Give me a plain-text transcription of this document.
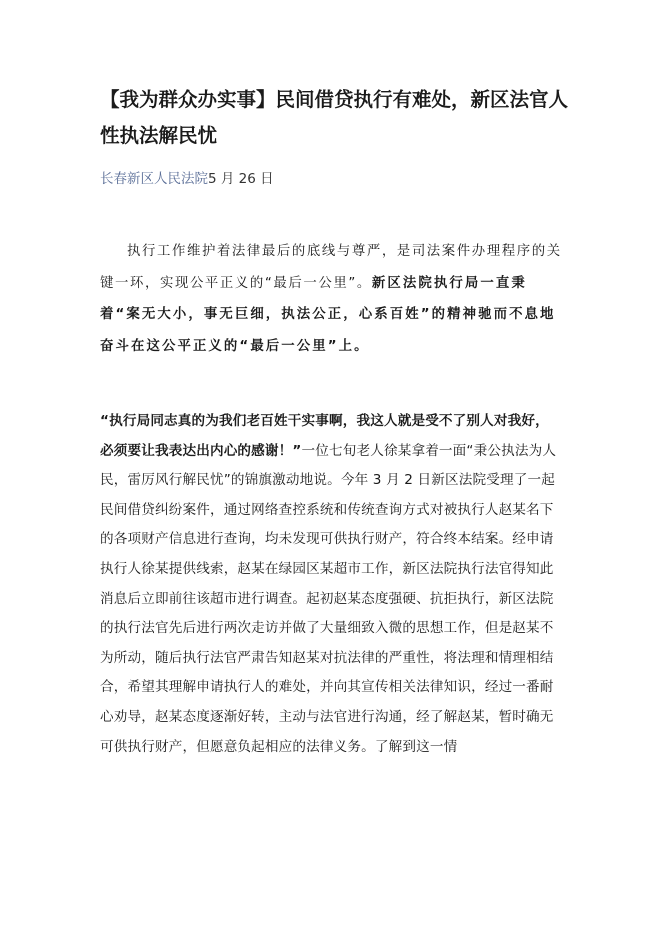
【我为群众办实事】民间借贷执行有难处，新区法官人性执法解民忧
长春新区人民法院5 月 26 日

执行工作维护着法律最后的底线与尊严，是司法案件办理程序的关键一环，实现公平正义的“最后一公里”。新区法院执行局一直秉着“案无大小，事无巨细，执法公正，心系百姓”的精神驰而不息地奋斗在这公平正义的“最后一公里”上。

“执行局同志真的为我们老百姓干实事啊，我这人就是受不了别人对我好，必须要让我表达出内心的感谢！”一位七旬老人徐某拿着一面“秉公执法为人民，雷厉风行解民忧”的锦旗激动地说。今年 3 月 2 日新区法院受理了一起民间借贷纠纷案件，通过网络查控系统和传统查询方式对被执行人赵某名下的各项财产信息进行查询，均未发现可供执行财产，符合终本结案。经申请执行人徐某提供线索，赵某在绿园区某超市工作，新区法院执行法官得知此消息后立即前往该超市进行调查。起初赵某态度强硬、抗拒执行，新区法院的执行法官先后进行两次走访并做了大量细致入微的思想工作，但是赵某不为所动，随后执行法官严肃告知赵某对抗法律的严重性，将法理和情理相结合，希望其理解申请执行人的难处，并向其宣传相关法律知识，经过一番耐心劝导，赵某态度逐渐好转，主动与法官进行沟通，经了解赵某，暂时确无可供执行财产，但愿意负起相应的法律义务。了解到这一情
